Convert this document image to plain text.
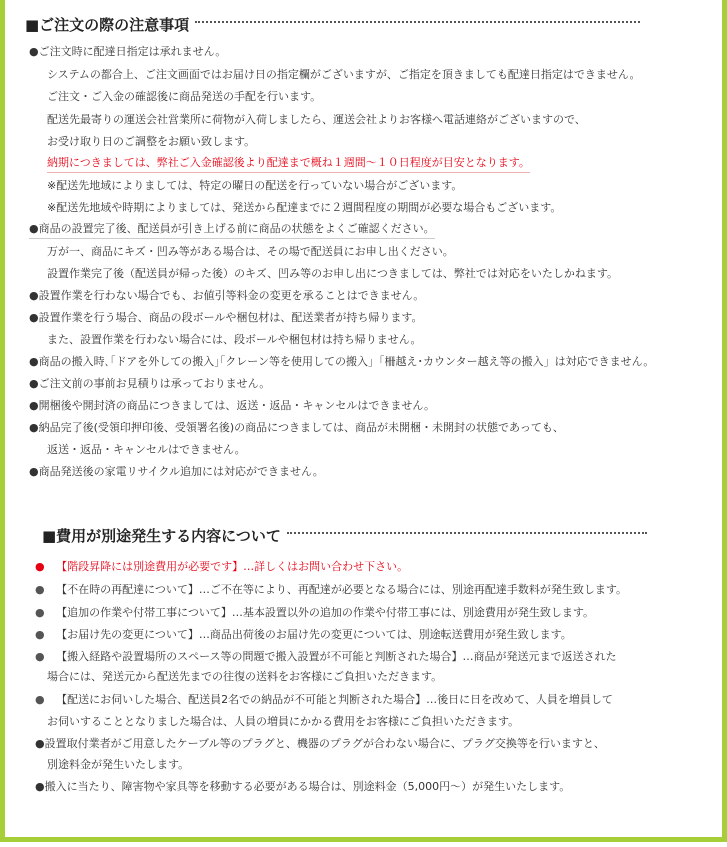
■ご注文の際の注意事項
●ご注文時に配達日指定は承れません。
システムの都合上、ご注文画面ではお届け日の指定欄がございますが、ご指定を頂きましても配達日指定はできません。
ご注文・ご入金の確認後に商品発送の手配を行います。
配送先最寄りの運送会社営業所に荷物が入荷しましたら、運送会社よりお客様へ電話連絡がございますので、
お受け取り日のご調整をお願い致します。
納期につきましては、弊社ご入金確認後より配達まで概ね１週間～１０日程度が目安となります。
※配送先地域によりましては、特定の曜日の配送を行っていない場合がございます。
※配送先地域や時期によりましては、発送から配達までに２週間程度の期間が必要な場合もございます。
●商品の設置完了後、配送員が引き上げる前に商品の状態をよくご確認ください。
万が一、商品にキズ・凹み等がある場合は、その場で配送員にお申し出ください。
設置作業完了後（配送員が帰った後）のキズ、凹み等のお申し出につきましては、弊社では対応をいたしかねます。
●設置作業を行わない場合でも、お値引等料金の変更を承ることはできません。
●設置作業を行う場合、商品の段ボールや梱包材は、配送業者が持ち帰ります。
また、設置作業を行わない場合には、段ボールや梱包材は持ち帰りません。
●商品の搬入時､｢ドアを外しての搬入｣｢クレーン等を使用しての搬入｣「柵越え･カウンター越え等の搬入」は対応できません。
●ご注文前の事前お見積りは承っておりません。
●開梱後や開封済の商品につきましては、返送・返品・キャンセルはできません。
●納品完了後(受領印押印後、受領署名後)の商品につきましては、商品が未開梱・未開封の状態であっても、
返送・返品・キャンセルはできません。
●商品発送後の家電リサイクル追加には対応ができません。
■費用が別途発生する内容について
● 【階段昇降には別途費用が必要です】…詳しくはお問い合わせ下さい。
● 【不在時の再配達について】…ご不在等により、再配達が必要となる場合には、別途再配達手数料が発生致します。
● 【追加の作業や付帯工事について】…基本設置以外の追加の作業や付帯工事には、別途費用が発生致します。
● 【お届け先の変更について】…商品出荷後のお届け先の変更については、別途転送費用が発生致します。
● 【搬入経路や設置場所のスペース等の問題で搬入設置が不可能と判断された場合】…商品が発送元まで返送された
場合には、発送元から配送先までの往復の送料をお客様にご負担いただきます。
● 【配送にお伺いした場合、配送員2名での納品が不可能と判断された場合】…後日に日を改めて、人員を増員して
お伺いすることとなりました場合は、人員の増員にかかる費用をお客様にご負担いただきます。
●設置取付業者がご用意したケーブル等のプラグと、機器のプラグが合わない場合に、プラグ交換等を行いますと、
別途料金が発生いたします。
●搬入に当たり、障害物や家具等を移動する必要がある場合は、別途料金（5,000円～）が発生いたします。
